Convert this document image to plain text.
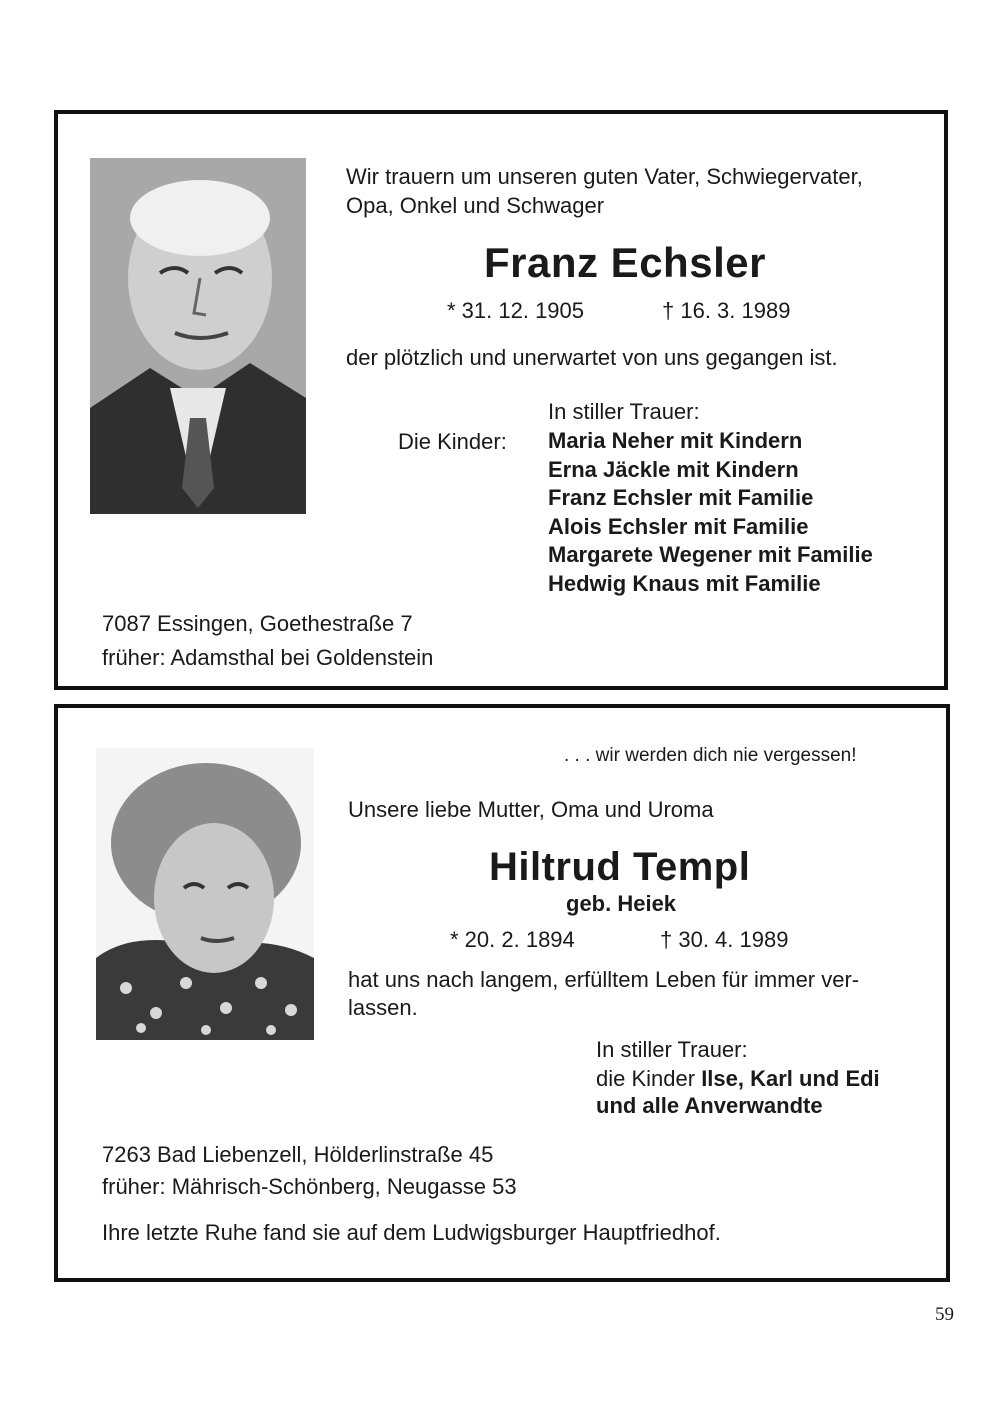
Wir trauern um unseren guten Vater, Schwiegervater,

Opa, Onkel und Schwager

Franz Echsler

* 31. 12. 1905	† 16. 3. 1989

der plötzlich und unerwartet von uns gegangen ist.

In stiller Trauer:

Die Kinder: Maria Neher mit Kindern
Erna Jäckle mit Kindern
Franz Echsler mit Familie
Alois Echsler mit Familie
Margarete Wegener mit Familie
Hedwig Knaus mit Familie

7087 Essingen, Goethestraße 7

früher: Adamsthal bei Goldenstein

. . . wir werden dich nie vergessen!

Unsere liebe Mutter, Oma und Uroma

Hiltrud Templ

geb. Heiek

* 20. 2. 1894	† 30. 4. 1989

hat uns nach langem, erfülltem Leben für immer ver-

lassen.

In stiller Trauer:

die Kinder Ilse, Karl und Edi

und alle Anverwandte

7263 Bad Liebenzell, Hölderlinstraße 45

früher: Mährisch-Schönberg, Neugasse 53

Ihre letzte Ruhe fand sie auf dem Ludwigsburger Hauptfriedhof.

59
